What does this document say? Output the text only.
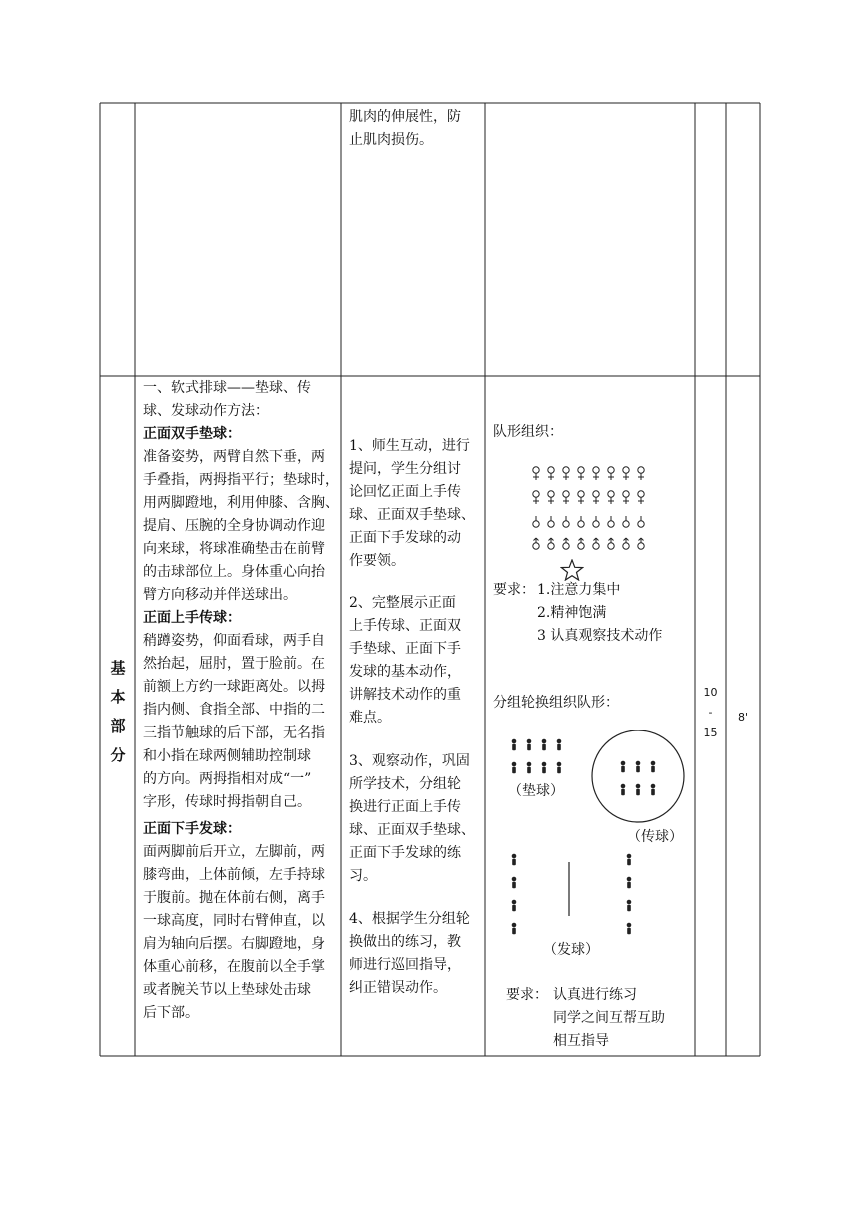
肌肉的伸展性，防

止肌肉损伤。

基
本
部
分

一、软式排球——垫球、传

球、发球动作方法：

正面双手垫球：

准备姿势，两臂自然下垂，两

手叠指，两拇指平行；垫球时，

用两脚蹬地，利用伸膝、含胸、

提肩、压腕的全身协调动作迎

向来球，将球准确垫击在前臂

的击球部位上。身体重心向抬

臂方向移动并伴送球出。

正面上手传球：

稍蹲姿势，仰面看球，两手自

然抬起，屈肘，置于脸前。在

前额上方约一球距离处。以拇

指内侧、食指全部、中指的二

三指节触球的后下部，无名指

和小指在球两侧辅助控制球

的方向。两拇指相对成“一”

字形，传球时拇指朝自己。

正面下手发球：

面两脚前后开立，左脚前，两

膝弯曲，上体前倾，左手持球

于腹前。抛在体前右侧，离手

一球高度，同时右臂伸直，以

肩为轴向后摆。右脚蹬地，身

体重心前移，在腹前以全手掌

或者腕关节以上垫球处击球

后下部。

1、师生互动，进行

提问，学生分组讨

论回忆正面上手传

球、正面双手垫球、

正面下手发球的动

作要领。

2、完整展示正面

上手传球、正面双

手垫球、正面下手

发球的基本动作，

讲解技术动作的重

难点。

3、观察动作，巩固

所学技术，分组轮

换进行正面上手传

球、正面双手垫球、

正面下手发球的练

习。

4、根据学生分组轮

换做出的练习，教

师进行巡回指导，

纠正错误动作。

队形组织：
要求： 1.注意力集中

2.精神饱满

3 认真观察技术动作

分组轮换组织队形：
（垫球）
（传球）
（发球）
要求： 认真进行练习

同学之间互帮互助

相互指导

10
-
15
8'
